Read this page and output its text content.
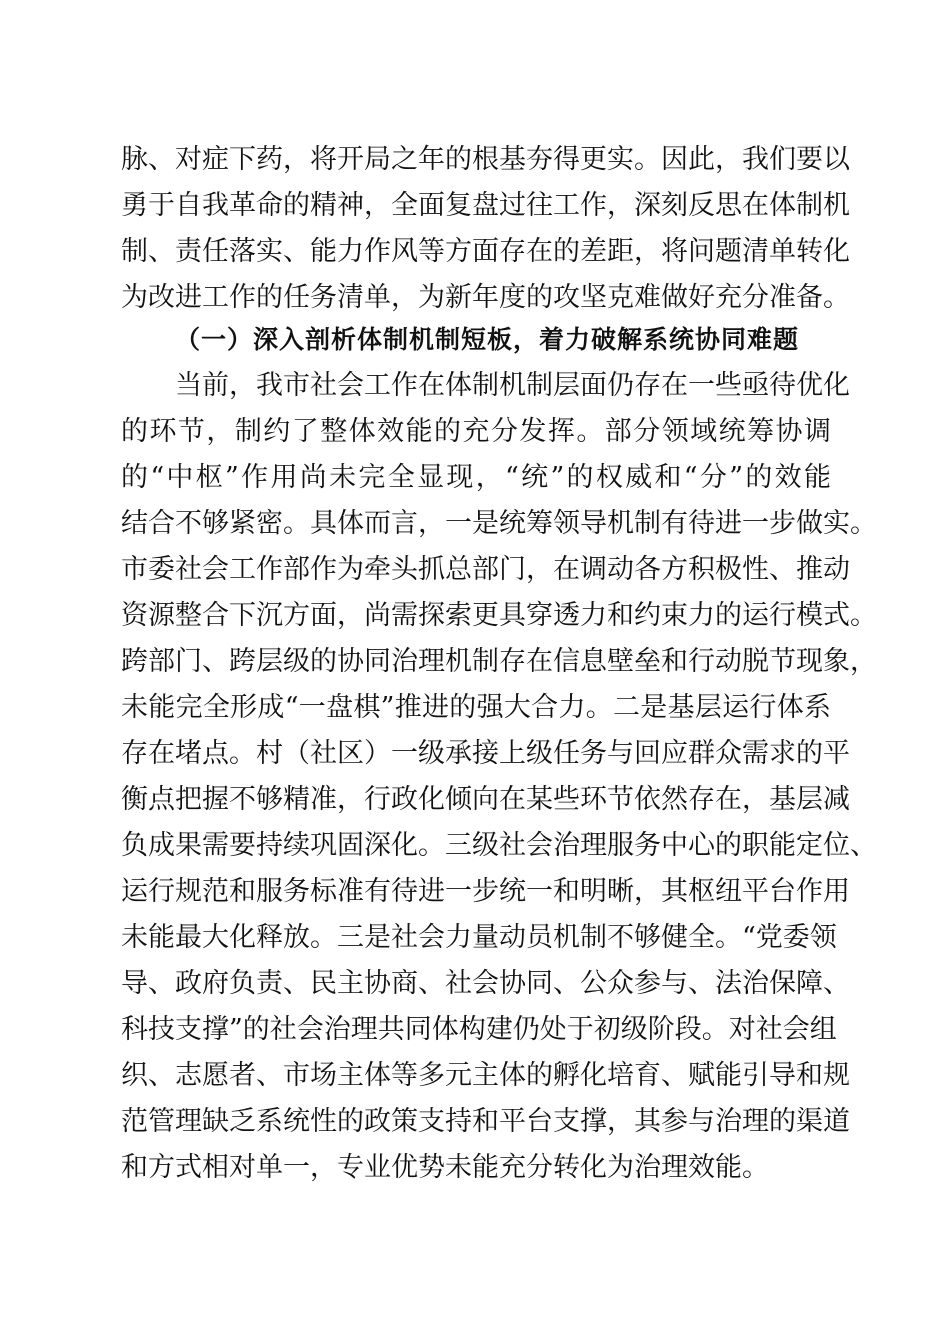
脉、对症下药，将开局之年的根基夯得更实。因此，我们要以
勇于自我革命的精神，全面复盘过往工作，深刻反思在体制机
制、责任落实、能力作风等方面存在的差距，将问题清单转化
为改进工作的任务清单，为新年度的攻坚克难做好充分准备。
（一）深入剖析体制机制短板，着力破解系统协同难题
当前，我市社会工作在体制机制层面仍存在一些亟待优化
的环节，制约了整体效能的充分发挥。部分领域统筹协调
的“中枢”作用尚未完全显现，“统”的权威和“分”的效能
结合不够紧密。具体而言，一是统筹领导机制有待进一步做实。
市委社会工作部作为牵头抓总部门，在调动各方积极性、推动
资源整合下沉方面，尚需探索更具穿透力和约束力的运行模式。
跨部门、跨层级的协同治理机制存在信息壁垒和行动脱节现象，
未能完全形成“一盘棋”推进的强大合力。二是基层运行体系
存在堵点。村（社区）一级承接上级任务与回应群众需求的平
衡点把握不够精准，行政化倾向在某些环节依然存在，基层减
负成果需要持续巩固深化。三级社会治理服务中心的职能定位、
运行规范和服务标准有待进一步统一和明晰，其枢纽平台作用
未能最大化释放。三是社会力量动员机制不够健全。“党委领
导、政府负责、民主协商、社会协同、公众参与、法治保障、
科技支撑”的社会治理共同体构建仍处于初级阶段。对社会组
织、志愿者、市场主体等多元主体的孵化培育、赋能引导和规
范管理缺乏系统性的政策支持和平台支撑，其参与治理的渠道
和方式相对单一，专业优势未能充分转化为治理效能。
